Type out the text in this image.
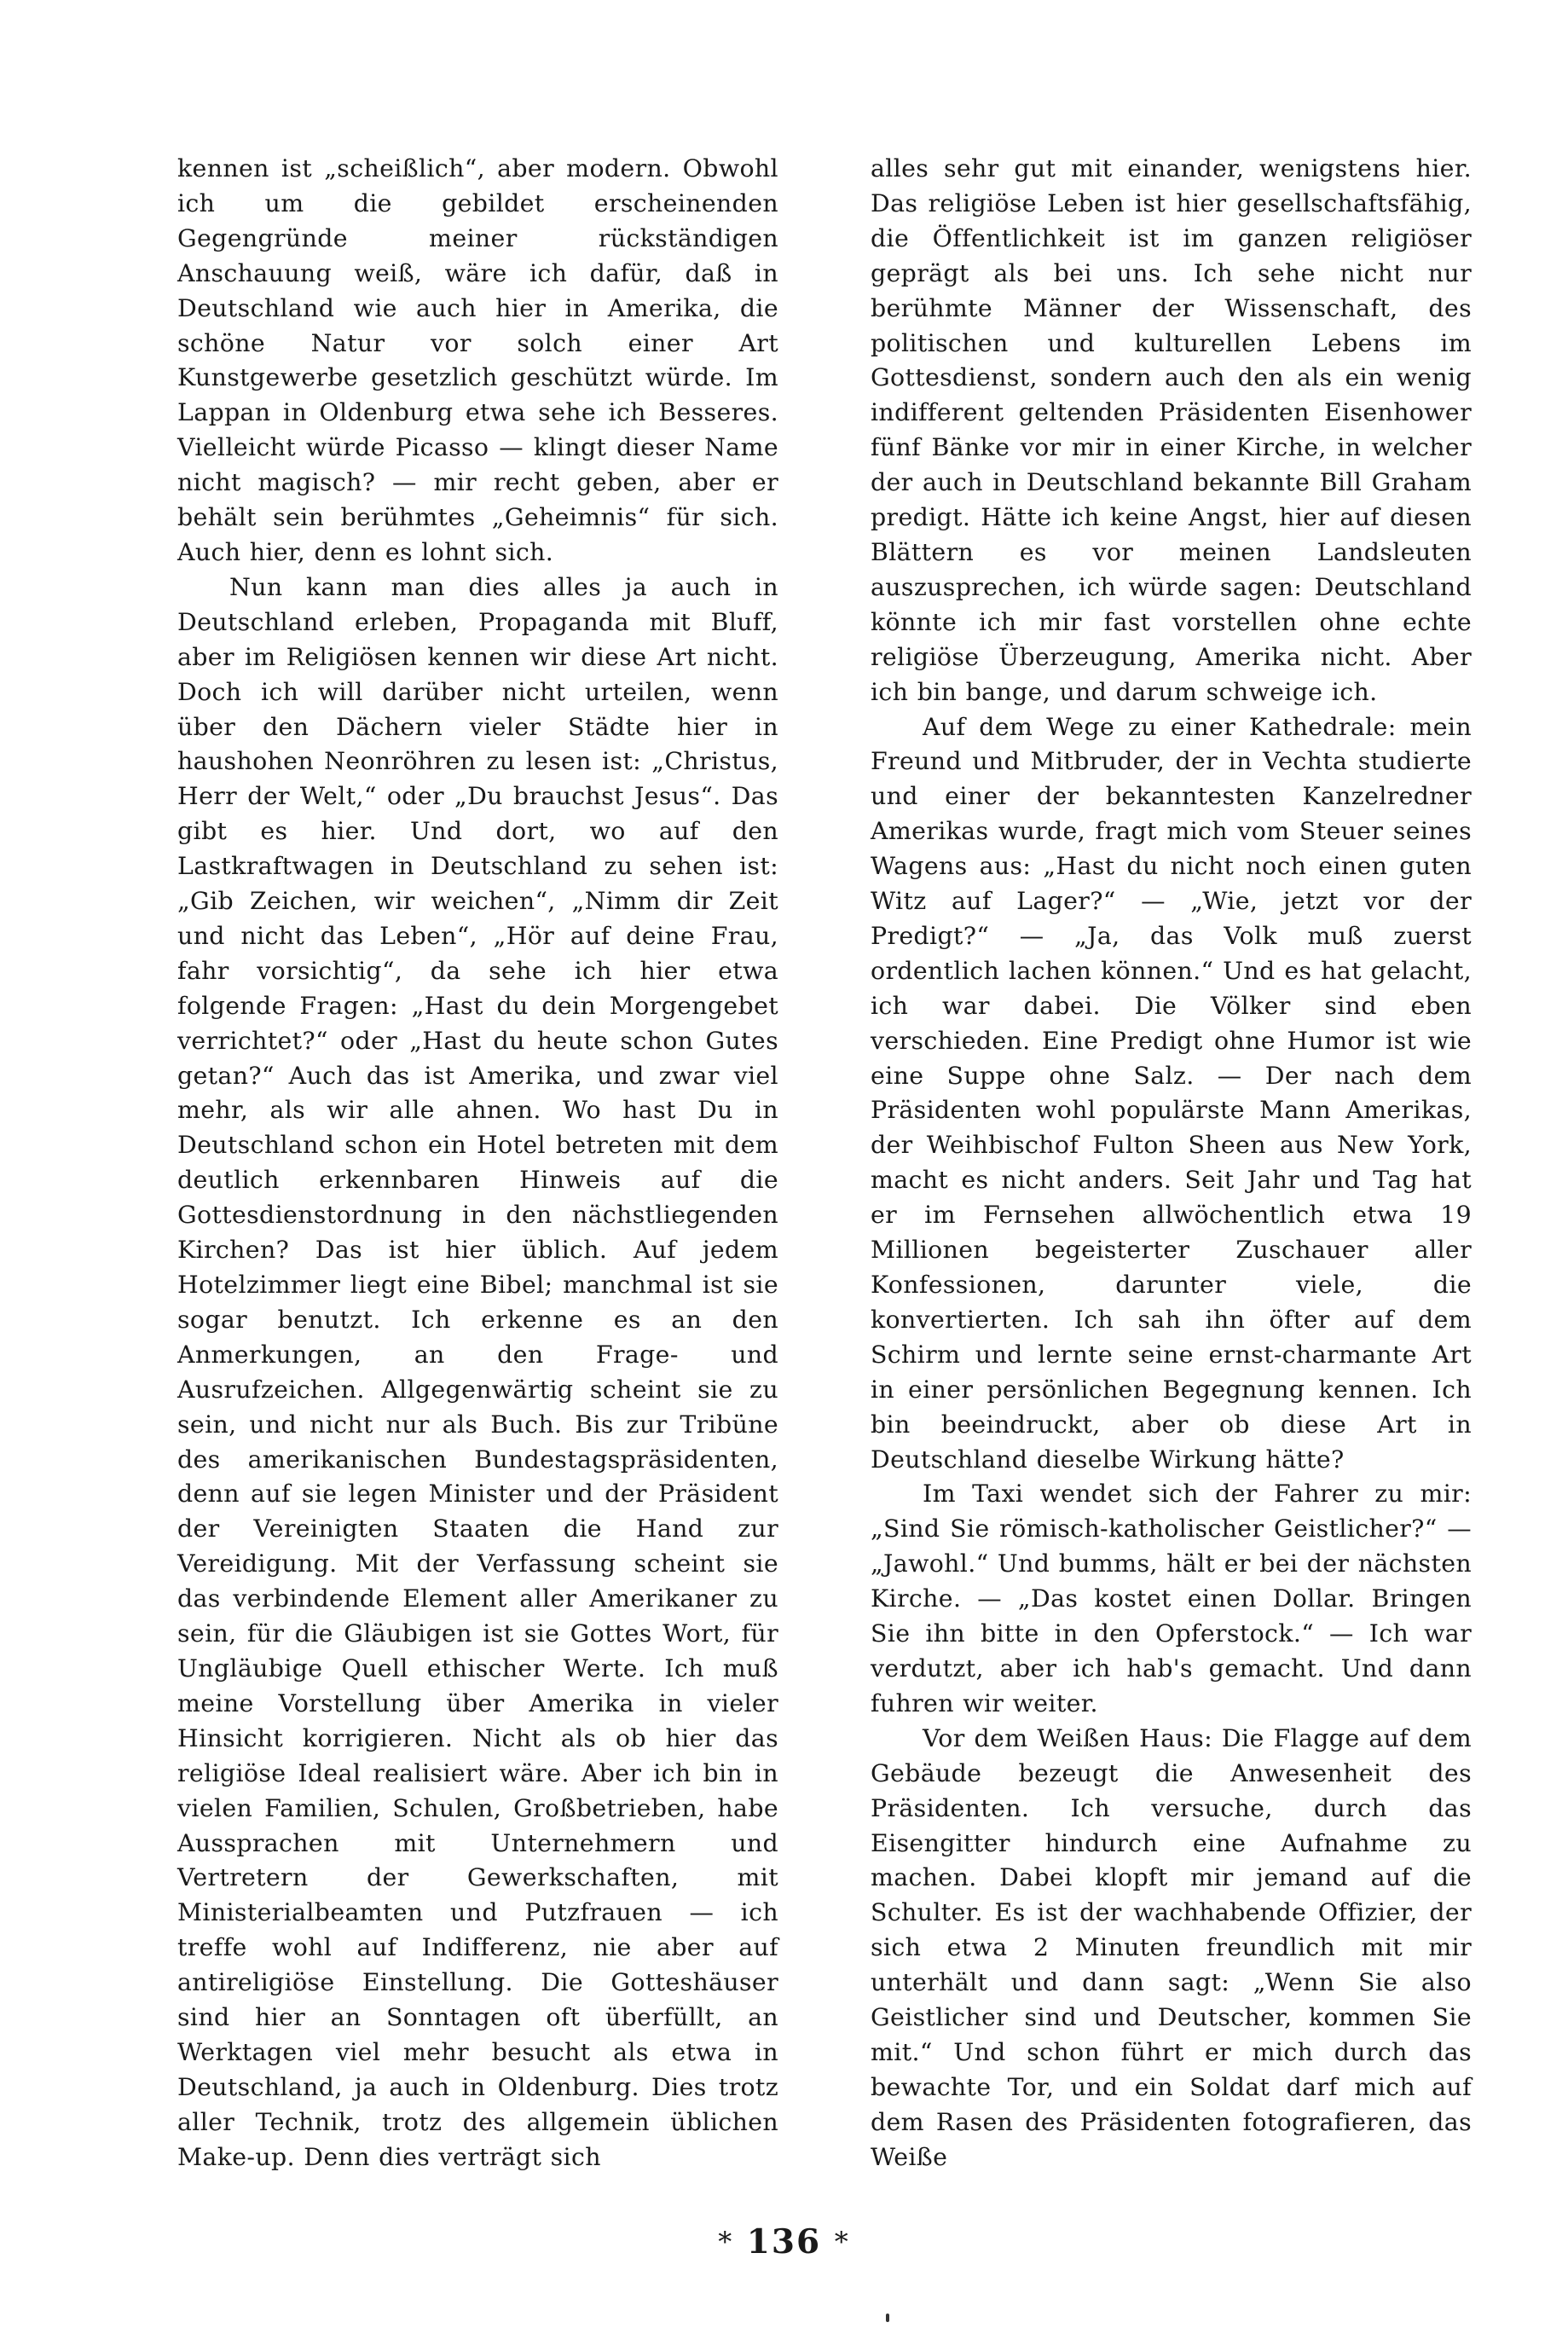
kennen ist „scheißlich“, aber modern. Obwohl ich um die gebildet erscheinenden Gegengründe meiner rückständigen Anschauung weiß, wäre ich dafür, daß in Deutschland wie auch hier in Amerika, die schöne Natur vor solch einer Art Kunstgewerbe gesetzlich geschützt würde. Im Lappan in Oldenburg etwa sehe ich Besseres. Vielleicht würde Picasso — klingt dieser Name nicht magisch? — mir recht geben, aber er behält sein berühmtes „Geheimnis“ für sich. Auch hier, denn es lohnt sich.

Nun kann man dies alles ja auch in Deutschland erleben, Propaganda mit Bluff, aber im Religiösen kennen wir diese Art nicht. Doch ich will darüber nicht urteilen, wenn über den Dächern vieler Städte hier in haushohen Neonröhren zu lesen ist: „Christus, Herr der Welt,“ oder „Du brauchst Jesus“. Das gibt es hier. Und dort, wo auf den Lastkraftwagen in Deutschland zu sehen ist: „Gib Zeichen, wir weichen“, „Nimm dir Zeit und nicht das Leben“, „Hör auf deine Frau, fahr vorsichtig“, da sehe ich hier etwa folgende Fragen: „Hast du dein Morgengebet verrichtet?“ oder „Hast du heute schon Gutes getan?“ Auch das ist Amerika, und zwar viel mehr, als wir alle ahnen. Wo hast Du in Deutschland schon ein Hotel betreten mit dem deutlich erkennbaren Hinweis auf die Gottesdienstordnung in den nächstliegenden Kirchen? Das ist hier üblich. Auf jedem Hotelzimmer liegt eine Bibel; manchmal ist sie sogar benutzt. Ich erkenne es an den Anmerkungen, an den Frage- und Ausrufzeichen. Allgegenwärtig scheint sie zu sein, und nicht nur als Buch. Bis zur Tribüne des amerikanischen Bundestagspräsidenten, denn auf sie legen Minister und der Präsident der Vereinigten Staaten die Hand zur Vereidigung. Mit der Verfassung scheint sie das verbindende Element aller Amerikaner zu sein, für die Gläubigen ist sie Gottes Wort, für Ungläubige Quell ethischer Werte. Ich muß meine Vorstellung über Amerika in vieler Hinsicht korrigieren. Nicht als ob hier das religiöse Ideal realisiert wäre. Aber ich bin in vielen Familien, Schulen, Großbetrieben, habe Aussprachen mit Unternehmern und Vertretern der Gewerkschaften, mit Ministerialbeamten und Putzfrauen — ich treffe wohl auf Indifferenz, nie aber auf antireligiöse Einstellung. Die Gotteshäuser sind hier an Sonntagen oft überfüllt, an Werktagen viel mehr besucht als etwa in Deutschland, ja auch in Oldenburg. Dies trotz aller Technik, trotz des allgemein üblichen Make-up. Denn dies verträgt sich

alles sehr gut mit einander, wenigstens hier. Das religiöse Leben ist hier gesellschaftsfähig, die Öffentlichkeit ist im ganzen religiöser geprägt als bei uns. Ich sehe nicht nur berühmte Männer der Wissenschaft, des politischen und kulturellen Lebens im Gottesdienst, sondern auch den als ein wenig indifferent geltenden Präsidenten Eisenhower fünf Bänke vor mir in einer Kirche, in welcher der auch in Deutschland bekannte Bill Graham predigt. Hätte ich keine Angst, hier auf diesen Blättern es vor meinen Landsleuten auszusprechen, ich würde sagen: Deutschland könnte ich mir fast vorstellen ohne echte religiöse Überzeugung, Amerika nicht. Aber ich bin bange, und darum schweige ich.

Auf dem Wege zu einer Kathedrale: mein Freund und Mitbruder, der in Vechta studierte und einer der bekanntesten Kanzelredner Amerikas wurde, fragt mich vom Steuer seines Wagens aus: „Hast du nicht noch einen guten Witz auf Lager?“ — „Wie, jetzt vor der Predigt?“ — „Ja, das Volk muß zuerst ordentlich lachen können.“ Und es hat gelacht, ich war dabei. Die Völker sind eben verschieden. Eine Predigt ohne Humor ist wie eine Suppe ohne Salz. — Der nach dem Präsidenten wohl populärste Mann Amerikas, der Weihbischof Fulton Sheen aus New York, macht es nicht anders. Seit Jahr und Tag hat er im Fernsehen allwöchentlich etwa 19 Millionen begeisterter Zuschauer aller Konfessionen, darunter viele, die konvertierten. Ich sah ihn öfter auf dem Schirm und lernte seine ernst-charmante Art in einer persönlichen Begegnung kennen. Ich bin beeindruckt, aber ob diese Art in Deutschland dieselbe Wirkung hätte?

Im Taxi wendet sich der Fahrer zu mir: „Sind Sie römisch-katholischer Geistlicher?“ — „Jawohl.“ Und bumms, hält er bei der nächsten Kirche. — „Das kostet einen Dollar. Bringen Sie ihn bitte in den Opferstock.“ — Ich war verdutzt, aber ich hab's gemacht. Und dann fuhren wir weiter.

Vor dem Weißen Haus: Die Flagge auf dem Gebäude bezeugt die Anwesenheit des Präsidenten. Ich versuche, durch das Eisengitter hindurch eine Aufnahme zu machen. Dabei klopft mir jemand auf die Schulter. Es ist der wachhabende Offizier, der sich etwa 2 Minuten freundlich mit mir unterhält und dann sagt: „Wenn Sie also Geistlicher sind und Deutscher, kommen Sie mit.“ Und schon führt er mich durch das bewachte Tor, und ein Soldat darf mich auf dem Rasen des Präsidenten fotografieren, das Weiße

* 136 *
